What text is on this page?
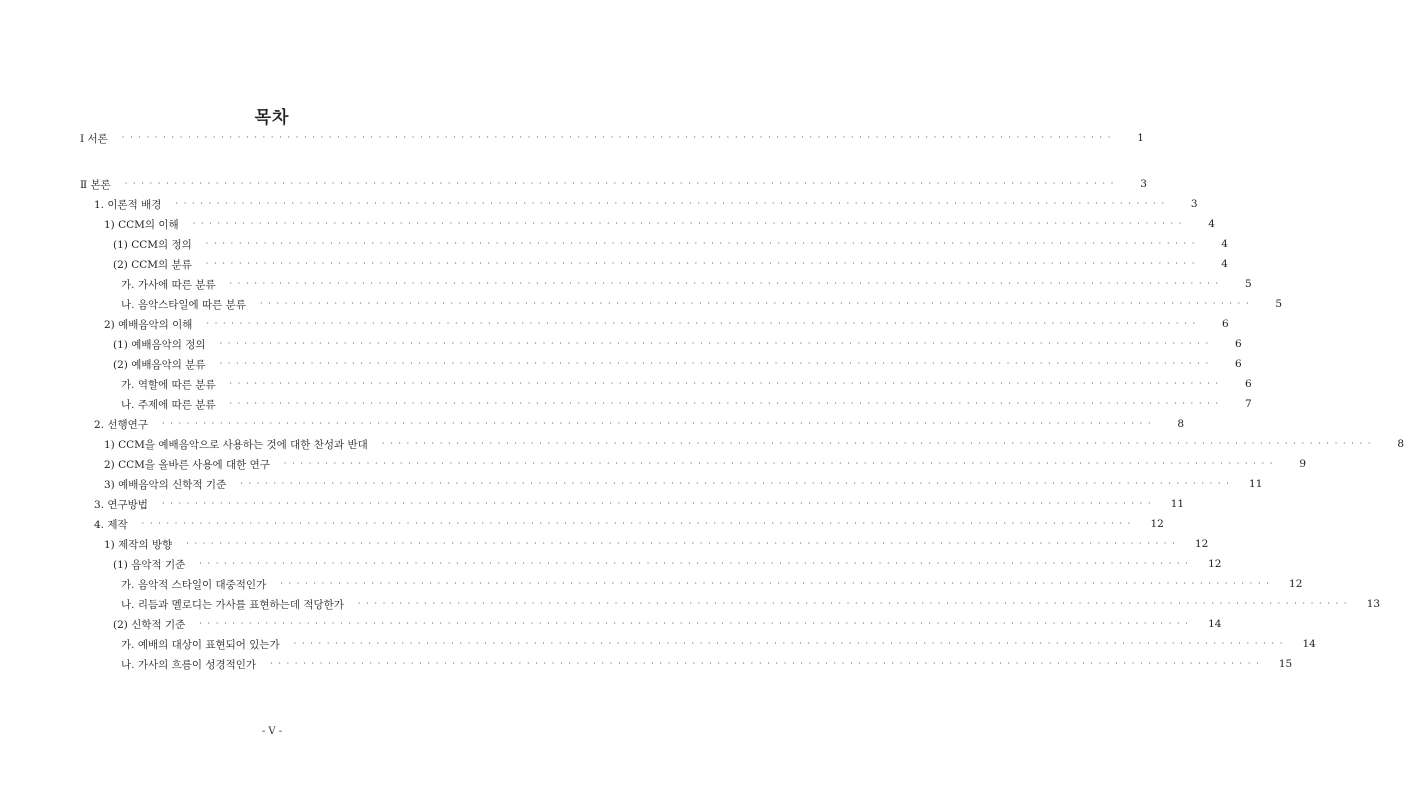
목차
Ⅰ 서론 · · · · · · · · · · · · · · · · · · · · · · · · · · · · · · · · · · · · · · · · · · · · · · · · · · · · · · · · · · · · · · · · · · · · · · · · · · · · · · · · · · · · · · · · · · · · · · · · · · · · · · · · · · · · · · · · · · · · · · · ·	1
Ⅱ 본론 · · · · · · · · · · · · · · · · · · · · · · · · · · · · · · · · · · · · · · · · · · · · · · · · · · · · · · · · · · · · · · · · · · · · · · · · · · · · · · · · · · · · · · · · · · · · · · · · · · · · · · · · · · · · · · · · · · · · · · · ·	3
1. 이론적 배경 · · · · · · · · · · · · · · · · · · · · · · · · · · · · · · · · · · · · · · · · · · · · · · · · · · · · · · · · · · · · · · · · · · · · · · · · · · · · · · · · · · · · · · · · · · · · · · · · · · · · · · · · · · · · · · · · · · · · · · · ·	3
1) CCM의 이해 · · · · · · · · · · · · · · · · · · · · · · · · · · · · · · · · · · · · · · · · · · · · · · · · · · · · · · · · · · · · · · · · · · · · · · · · · · · · · · · · · · · · · · · · · · · · · · · · · · · · · · · · · · · · · · · · · · · · · · · ·	4
(1) CCM의 정의 · · · · · · · · · · · · · · · · · · · · · · · · · · · · · · · · · · · · · · · · · · · · · · · · · · · · · · · · · · · · · · · · · · · · · · · · · · · · · · · · · · · · · · · · · · · · · · · · · · · · · · · · · · · · · · · · · · · · · · · ·	4
(2) CCM의 분류 · · · · · · · · · · · · · · · · · · · · · · · · · · · · · · · · · · · · · · · · · · · · · · · · · · · · · · · · · · · · · · · · · · · · · · · · · · · · · · · · · · · · · · · · · · · · · · · · · · · · · · · · · · · · · · · · · · · · · · · ·	4
가. 가사에 따른 분류 · · · · · · · · · · · · · · · · · · · · · · · · · · · · · · · · · · · · · · · · · · · · · · · · · · · · · · · · · · · · · · · · · · · · · · · · · · · · · · · · · · · · · · · · · · · · · · · · · · · · · · · · · · · · · · · · · · · · · · · ·	5
나. 음악스타일에 따른 분류 · · · · · · · · · · · · · · · · · · · · · · · · · · · · · · · · · · · · · · · · · · · · · · · · · · · · · · · · · · · · · · · · · · · · · · · · · · · · · · · · · · · · · · · · · · · · · · · · · · · · · · · · · · · · · · · · · · · · · · · ·	5
2) 예배음악의 이해 · · · · · · · · · · · · · · · · · · · · · · · · · · · · · · · · · · · · · · · · · · · · · · · · · · · · · · · · · · · · · · · · · · · · · · · · · · · · · · · · · · · · · · · · · · · · · · · · · · · · · · · · · · · · · · · · · · · · · · · ·	6
(1) 예배음악의 정의 · · · · · · · · · · · · · · · · · · · · · · · · · · · · · · · · · · · · · · · · · · · · · · · · · · · · · · · · · · · · · · · · · · · · · · · · · · · · · · · · · · · · · · · · · · · · · · · · · · · · · · · · · · · · · · · · · · · · · · · ·	6
(2) 예배음악의 분류 · · · · · · · · · · · · · · · · · · · · · · · · · · · · · · · · · · · · · · · · · · · · · · · · · · · · · · · · · · · · · · · · · · · · · · · · · · · · · · · · · · · · · · · · · · · · · · · · · · · · · · · · · · · · · · · · · · · · · · · ·	6
가. 역할에 따른 분류 · · · · · · · · · · · · · · · · · · · · · · · · · · · · · · · · · · · · · · · · · · · · · · · · · · · · · · · · · · · · · · · · · · · · · · · · · · · · · · · · · · · · · · · · · · · · · · · · · · · · · · · · · · · · · · · · · · · · · · · ·	6
나. 주제에 따른 분류 · · · · · · · · · · · · · · · · · · · · · · · · · · · · · · · · · · · · · · · · · · · · · · · · · · · · · · · · · · · · · · · · · · · · · · · · · · · · · · · · · · · · · · · · · · · · · · · · · · · · · · · · · · · · · · · · · · · · · · · ·	7
2. 선행연구 · · · · · · · · · · · · · · · · · · · · · · · · · · · · · · · · · · · · · · · · · · · · · · · · · · · · · · · · · · · · · · · · · · · · · · · · · · · · · · · · · · · · · · · · · · · · · · · · · · · · · · · · · · · · · · · · · · · · · · · ·	8
1) CCM을 예배음악으로 사용하는 것에 대한 찬성과 반대 · · · · · · · · · · · · · · · · · · · · · · · · · · · · · · · · · · · · · · · · · · · · · · · · · · · · · · · · · · · · · · · · · · · · · · · · · · · · · · · · · · · · · · · · · · · · · · · · · · · · · · · · · · · · · · · · · · · · · · · ·	8
2) CCM을 올바른 사용에 대한 연구 · · · · · · · · · · · · · · · · · · · · · · · · · · · · · · · · · · · · · · · · · · · · · · · · · · · · · · · · · · · · · · · · · · · · · · · · · · · · · · · · · · · · · · · · · · · · · · · · · · · · · · · · · · · · · · · · · · · · · · · ·	9
3) 예배음악의 신학적 기준 · · · · · · · · · · · · · · · · · · · · · · · · · · · · · · · · · · · · · · · · · · · · · · · · · · · · · · · · · · · · · · · · · · · · · · · · · · · · · · · · · · · · · · · · · · · · · · · · · · · · · · · · · · · · · · · · · · · · · · · ·	11
3. 연구방법 · · · · · · · · · · · · · · · · · · · · · · · · · · · · · · · · · · · · · · · · · · · · · · · · · · · · · · · · · · · · · · · · · · · · · · · · · · · · · · · · · · · · · · · · · · · · · · · · · · · · · · · · · · · · · · · · · · · · · · · ·	11
4. 제작 · · · · · · · · · · · · · · · · · · · · · · · · · · · · · · · · · · · · · · · · · · · · · · · · · · · · · · · · · · · · · · · · · · · · · · · · · · · · · · · · · · · · · · · · · · · · · · · · · · · · · · · · · · · · · · · · · · · · · · · ·	12
1) 제작의 방향 · · · · · · · · · · · · · · · · · · · · · · · · · · · · · · · · · · · · · · · · · · · · · · · · · · · · · · · · · · · · · · · · · · · · · · · · · · · · · · · · · · · · · · · · · · · · · · · · · · · · · · · · · · · · · · · · · · · · · · · ·	12
(1) 음악적 기준 · · · · · · · · · · · · · · · · · · · · · · · · · · · · · · · · · · · · · · · · · · · · · · · · · · · · · · · · · · · · · · · · · · · · · · · · · · · · · · · · · · · · · · · · · · · · · · · · · · · · · · · · · · · · · · · · · · · · · · · ·	12
가. 음악적 스타일이 대중적인가 · · · · · · · · · · · · · · · · · · · · · · · · · · · · · · · · · · · · · · · · · · · · · · · · · · · · · · · · · · · · · · · · · · · · · · · · · · · · · · · · · · · · · · · · · · · · · · · · · · · · · · · · · · · · · · · · · · · · · · · ·	12
나. 리듬과 멜로디는 가사를 표현하는데 적당한가 · · · · · · · · · · · · · · · · · · · · · · · · · · · · · · · · · · · · · · · · · · · · · · · · · · · · · · · · · · · · · · · · · · · · · · · · · · · · · · · · · · · · · · · · · · · · · · · · · · · · · · · · · · · · · · · · · · · · · · · ·	13
(2) 신학적 기준 · · · · · · · · · · · · · · · · · · · · · · · · · · · · · · · · · · · · · · · · · · · · · · · · · · · · · · · · · · · · · · · · · · · · · · · · · · · · · · · · · · · · · · · · · · · · · · · · · · · · · · · · · · · · · · · · · · · · · · · ·	14
가. 예배의 대상이 표현되어 있는가 · · · · · · · · · · · · · · · · · · · · · · · · · · · · · · · · · · · · · · · · · · · · · · · · · · · · · · · · · · · · · · · · · · · · · · · · · · · · · · · · · · · · · · · · · · · · · · · · · · · · · · · · · · · · · · · · · · · · · · · ·	14
나. 가사의 흐름이 성경적인가 · · · · · · · · · · · · · · · · · · · · · · · · · · · · · · · · · · · · · · · · · · · · · · · · · · · · · · · · · · · · · · · · · · · · · · · · · · · · · · · · · · · · · · · · · · · · · · · · · · · · · · · · · · · · · · · · · · · · · · · ·	15
- V -
